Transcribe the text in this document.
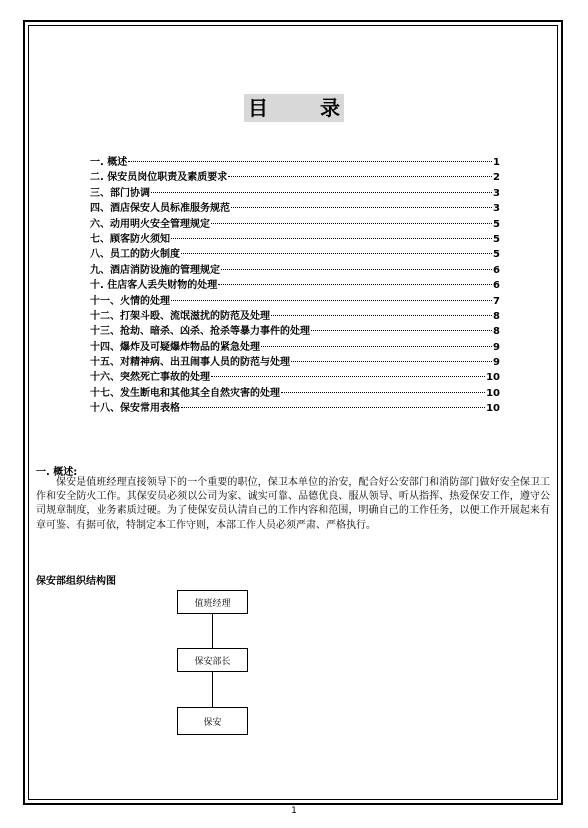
目	录
一. 概述	1
二. 保安员岗位职责及素质要求	2
三、部门协调	3
四、酒店保安人员标准服务规范	3
六、动用明火安全管理规定	5
七、顾客防火须知	5
八、员工的防火制度	5
九、酒店消防设施的管理规定	6
十. 住店客人丢失财物的处理	6
十一、火情的处理	7
十二、打架斗殴、流氓滋扰的防范及处理	8
十三、抢劫、暗杀、凶杀、抢杀等暴力事件的处理	8
十四、爆炸及可疑爆炸物品的紧急处理	9
十五、对精神病、出丑闹事人员的防范与处理	9
十六、突然死亡事故的处理	10
十七、发生断电和其他其全自然灾害的处理	10
十八、保安常用表格	10
一. 概述:
保安是值班经理直接领导下的一个重要的职位，保卫本单位的治安，配合好公安部门和消防部门做好安全保卫工作和安全防火工作。其保安员必须以公司为家、诚实可靠、品德优良、服从领导、听从指挥、热爱保安工作，遵守公司规章制度，业务素质过硬。为了使保安员认清自己的工作内容和范围，明确自己的工作任务，以便工作开展起来有章可鉴、有据可依，特制定本工作守则，本部工作人员必须严肃、严格执行。
保安部组织结构图
值班经理
保安部长
保安
1
